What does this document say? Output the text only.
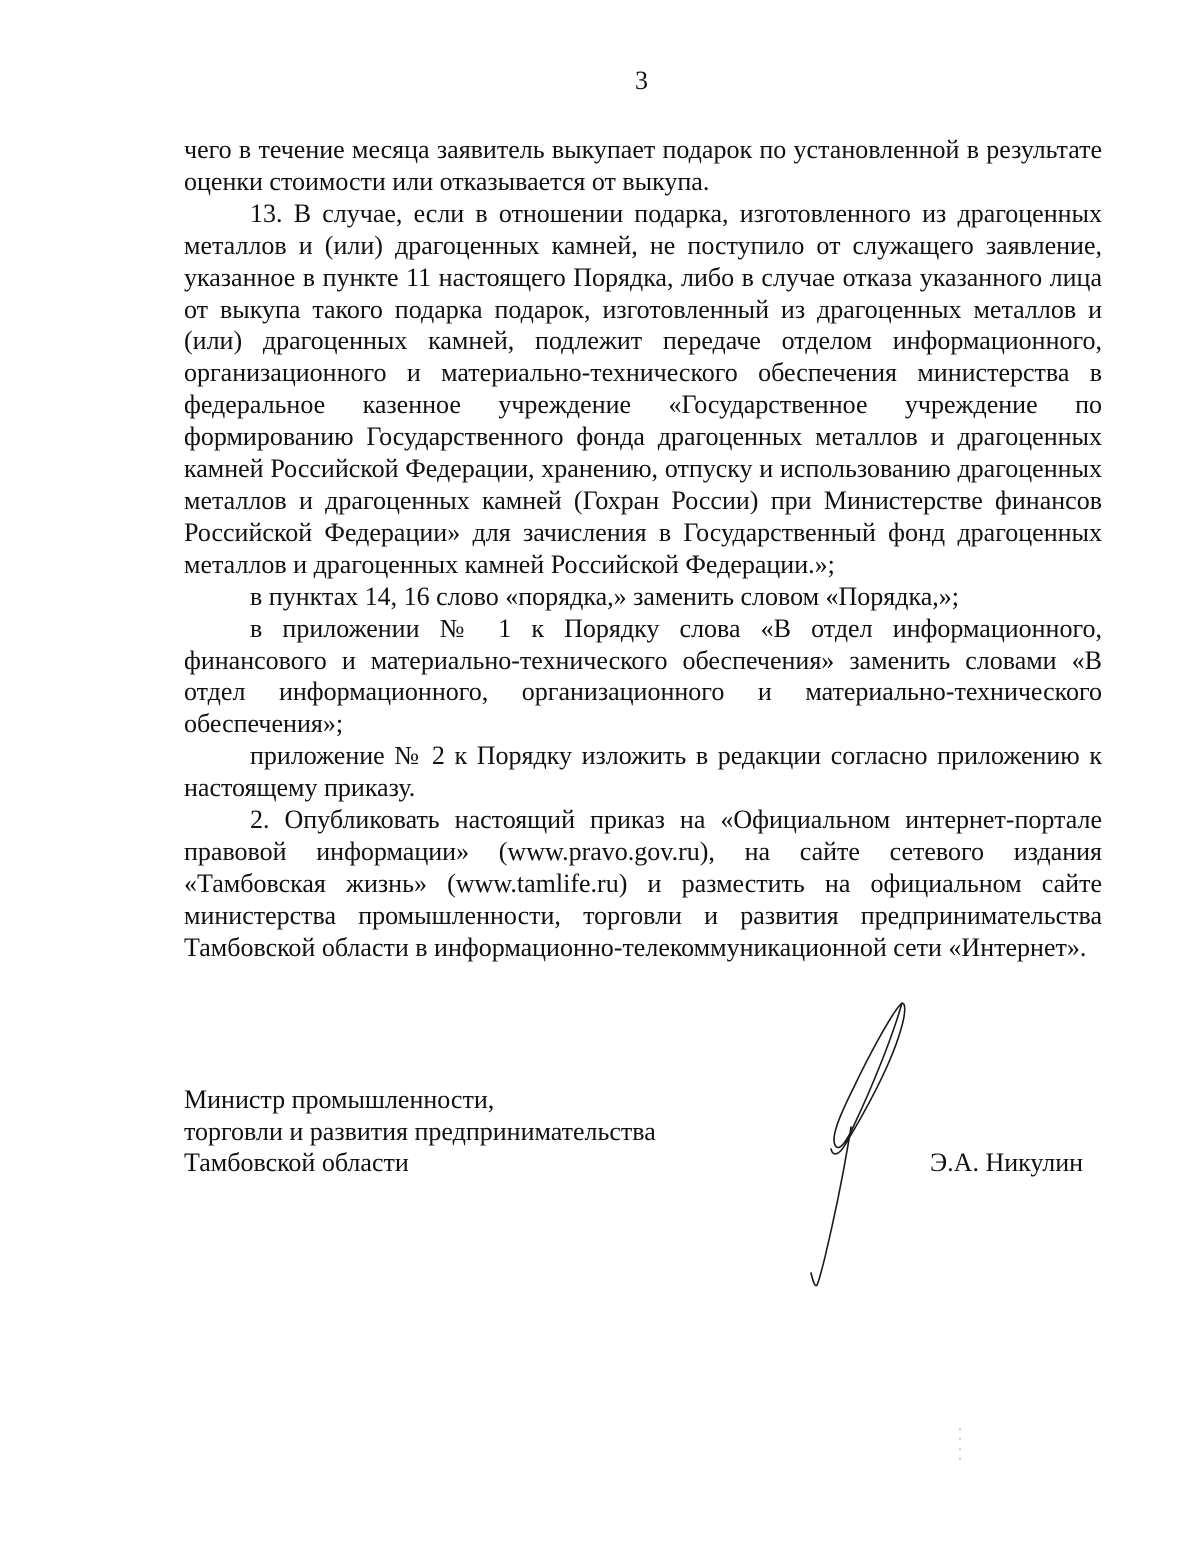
3

чего в течение месяца заявитель выкупает подарок по установленной в результате оценки стоимости или отказывается от выкупа.

13. В случае, если в отношении подарка, изготовленного из драгоценных металлов и (или) драгоценных камней, не поступило от служащего заявление, указанное в пункте 11 настоящего Порядка, либо в случае отказа указанного лица от выкупа такого подарка подарок, изготовленный из драгоценных металлов и (или) драгоценных камней, подлежит передаче отделом информационного, организационного и материально-технического обеспечения министерства в федеральное казенное учреждение «Государственное учреждение по формированию Государственного фонда драгоценных металлов и драгоценных камней Российской Федерации, хранению, отпуску и использованию драгоценных металлов и драгоценных камней (Гохран России) при Министерстве финансов Российской Федерации» для зачисления в Государственный фонд драгоценных металлов и драгоценных камней Российской Федерации.»;

в пунктах 14, 16 слово «порядка,» заменить словом «Порядка,»;

в приложении № 1 к Порядку слова «В отдел информационного, финансового и материально-технического обеспечения» заменить словами «В отдел информационного, организационного и материально-технического обеспечения»;

приложение № 2 к Порядку изложить в редакции согласно приложению к настоящему приказу.

2. Опубликовать настоящий приказ на «Официальном интернет-портале правовой информации» (www.pravo.gov.ru), на сайте сетевого издания «Тамбовская жизнь» (www.tamlife.ru) и разместить на официальном сайте министерства промышленности, торговли и развития предпринимательства Тамбовской области в информационно-телекоммуникационной сети «Интернет».

Министр промышленности,
торговли и развития предпринимательства
Тамбовской области	Э.А. Никулин
